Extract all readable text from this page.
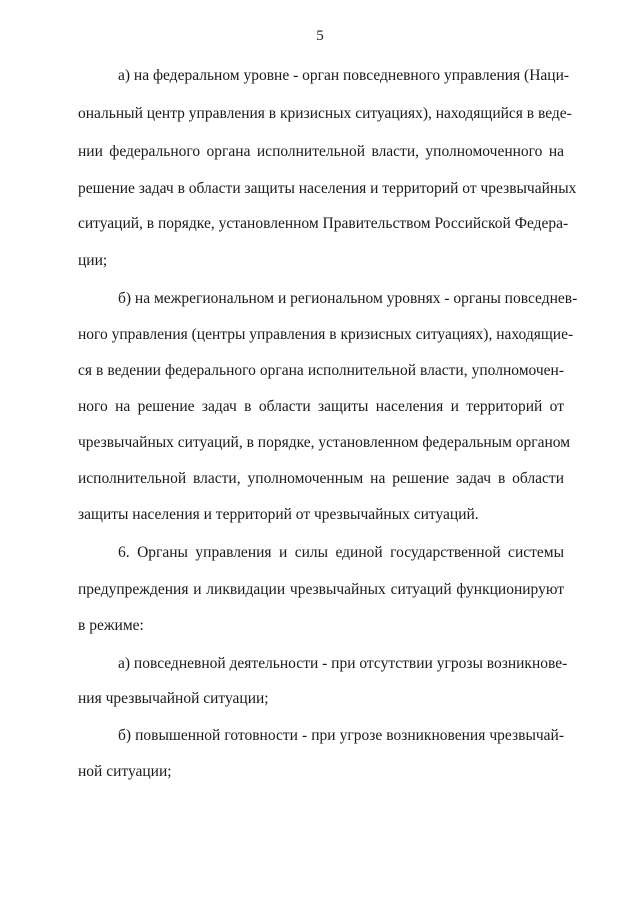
5
а) на федеральном уровне - орган повседневного управления (Наци-
ональный центр управления в кризисных ситуациях), находящийся в веде-
нии федерального органа исполнительной власти, уполномоченного на
решение задач в области защиты населения и территорий от чрезвычайных
ситуаций, в порядке, установленном Правительством Российской Федера-
ции;
б) на межрегиональном и региональном уровнях - органы повседнев-
ного управления (центры управления в кризисных ситуациях), находящие-
ся в ведении федерального органа исполнительной власти, уполномочен-
ного на решение задач в области защиты населения и территорий от
чрезвычайных ситуаций, в порядке, установленном федеральным органом
исполнительной власти, уполномоченным на решение задач в области
защиты населения и территорий от чрезвычайных ситуаций.
6. Органы управления и силы единой государственной системы
предупреждения и ликвидации чрезвычайных ситуаций функционируют
в режиме:
а) повседневной деятельности - при отсутствии угрозы возникнове-
ния чрезвычайной ситуации;
б) повышенной готовности - при угрозе возникновения чрезвычай-
ной ситуации;
